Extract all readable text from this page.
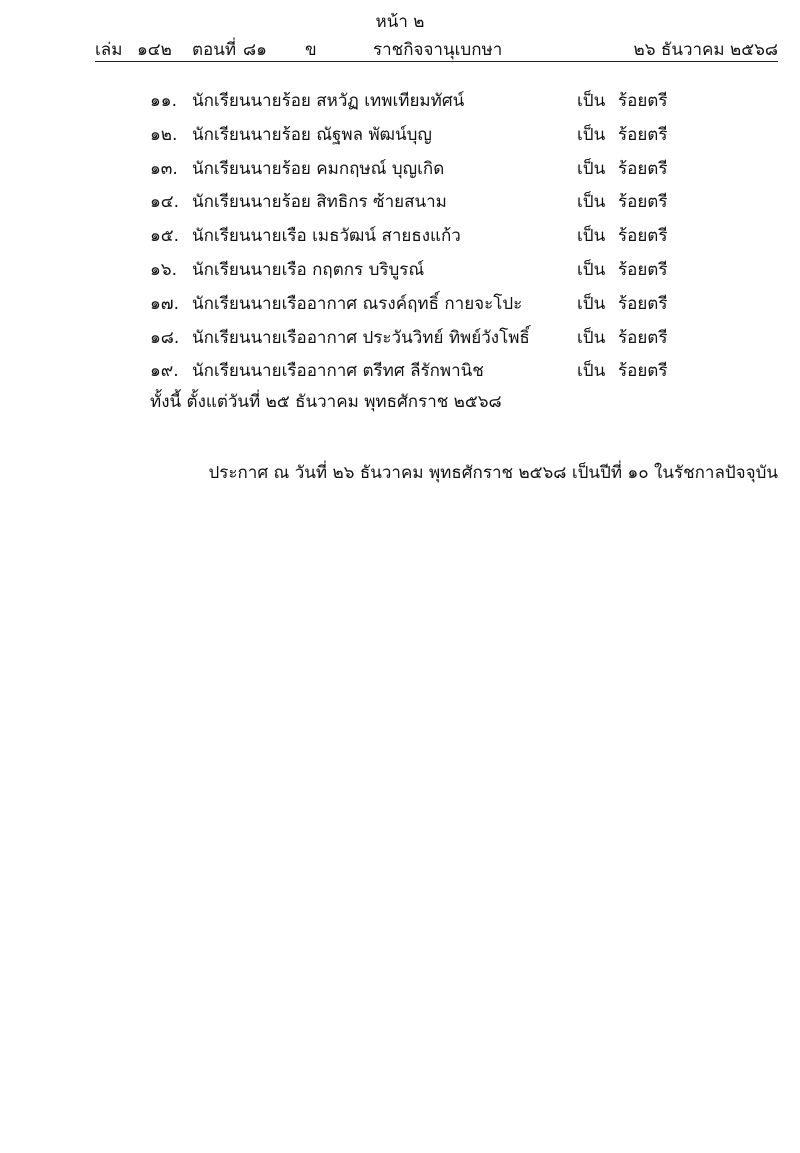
หน้า ๒
เล่ม ๑๔๒ ตอนที่ ๘๑ ข	ราชกิจจานุเบกษา	๒๖ ธันวาคม ๒๕๖๘
๑๑. นักเรียนนายร้อย สหวัฏ เทพเทียมทัศน์	เป็น ร้อยตรี
๑๒. นักเรียนนายร้อย ณัฐพล พัฒน์บุญ	เป็น ร้อยตรี
๑๓. นักเรียนนายร้อย คมกฤษณ์ บุญเกิด	เป็น ร้อยตรี
๑๔. นักเรียนนายร้อย สิทธิกร ซ้ายสนาม	เป็น ร้อยตรี
๑๕. นักเรียนนายเรือ เมธวัฒน์ สายธงแก้ว	เป็น ร้อยตรี
๑๖. นักเรียนนายเรือ กฤตกร บริบูรณ์	เป็น ร้อยตรี
๑๗. นักเรียนนายเรืออากาศ ณรงค์ฤทธิ์ กายจะโปะ	เป็น ร้อยตรี
๑๘. นักเรียนนายเรืออากาศ ประวันวิทย์ ทิพย์วังโพธิ์	เป็น ร้อยตรี
๑๙. นักเรียนนายเรืออากาศ ตรีทศ ลีรักพานิช	เป็น ร้อยตรี
ทั้งนี้ ตั้งแต่วันที่ ๒๕ ธันวาคม พุทธศักราช ๒๕๖๘
ประกาศ ณ วันที่ ๒๖ ธันวาคม พุทธศักราช ๒๕๖๘ เป็นปีที่ ๑๐ ในรัชกาลปัจจุบัน
